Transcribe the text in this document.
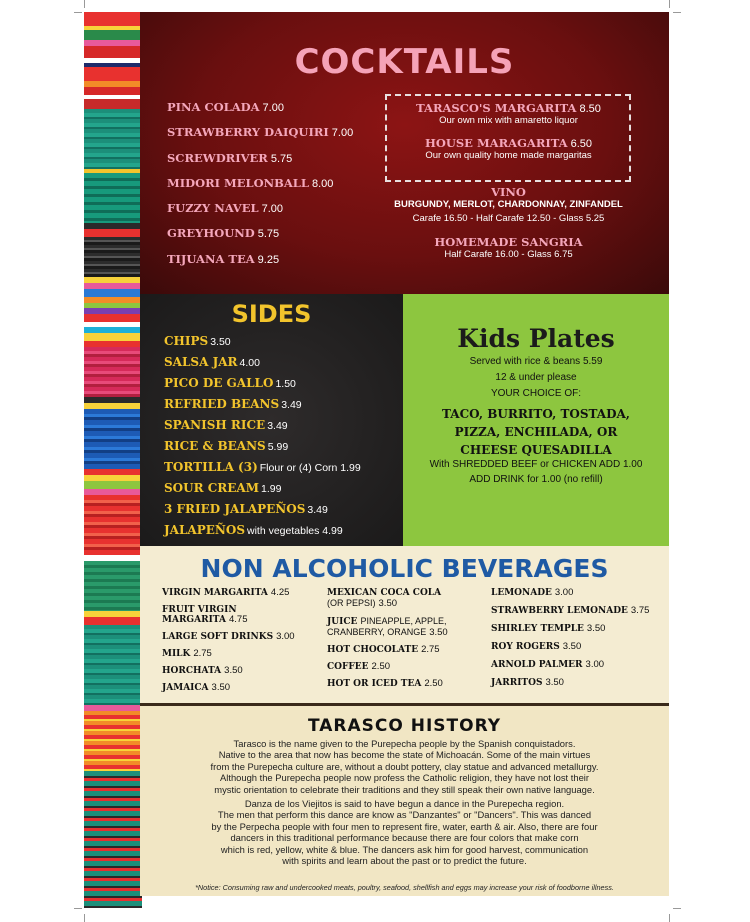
COCKTAILS
PINA COLADA 7.00
STRAWBERRY DAIQUIRI 7.00
SCREWDRIVER 5.75
MIDORI MELONBALL 8.00
FUZZY NAVEL 7.00
GREYHOUND 5.75
TIJUANA TEA 9.25
TARASCO'S MARGARITA 8.50
Our own mix with amaretto liquor
HOUSE MARAGARITA 6.50
Our own quality home made margaritas
VINO
BURGUNDY, MERLOT, CHARDONNAY, ZINFANDEL
Carafe 16.50 - Half Carafe 12.50 - Glass 5.25
HOMEMADE SANGRIA
Half Carafe 16.00 - Glass 6.75
SIDES
CHIPS 3.50
SALSA JAR 4.00
PICO DE GALLO 1.50
REFRIED BEANS 3.49
SPANISH RICE 3.49
RICE & BEANS 5.99
TORTILLA (3) Flour or (4) Corn 1.99
SOUR CREAM 1.99
3 FRIED JALAPEÑOS 3.49
JALAPEÑOS with vegetables 4.99
Kids Plates
Served with rice & beans 5.59
12 & under please
YOUR CHOICE OF:
TACO, BURRITO, TOSTADA,
PIZZA, ENCHILADA, OR
CHEESE QUESADILLA
With SHREDDED BEEF or CHICKEN ADD 1.00
ADD DRINK for 1.00 (no refill)
NON ALCOHOLIC BEVERAGES
VIRGIN MARGARITA 4.25
FRUIT VIRGIN
MARGARITA 4.75
LARGE SOFT DRINKS 3.00
MILK 2.75
HORCHATA 3.50
JAMAICA 3.50
MEXICAN COCA COLA
(OR PEPSI) 3.50
JUICE PINEAPPLE, APPLE,
CRANBERRY, ORANGE 3.50
HOT CHOCOLATE 2.75
COFFEE 2.50
HOT OR ICED TEA 2.50
LEMONADE 3.00
STRAWBERRY LEMONADE 3.75
SHIRLEY TEMPLE 3.50
ROY ROGERS 3.50
ARNOLD PALMER 3.00
JARRITOS 3.50
TARASCO HISTORY
Tarasco is the name given to the Purepecha people by the Spanish conquistadors.
Native to the area that now has become the state of Michoacán. Some of the main virtues
from the Purepecha culture are, without a doubt pottery, clay statue and advanced metallurgy.
Although the Purepecha people now profess the Catholic religion, they have not lost their
mystic orientation to celebrate their traditions and they still speak their own native language.
Danza de los Viejitos is said to have begun a dance in the Purepecha region.
The men that perform this dance are know as "Danzantes" or "Dancers". This was danced
by the Perpecha people with four men to represent fire, water, earth & air. Also, there are four
dancers in this traditional performance because there are four colors that make corn
which is red, yellow, white & blue. The dancers ask him for good harvest, communication
with spirits and learn about the past or to predict the future.
*Notice: Consuming raw and undercooked meats, poultry, seafood, shellfish and eggs may increase your risk of foodborne illness.
